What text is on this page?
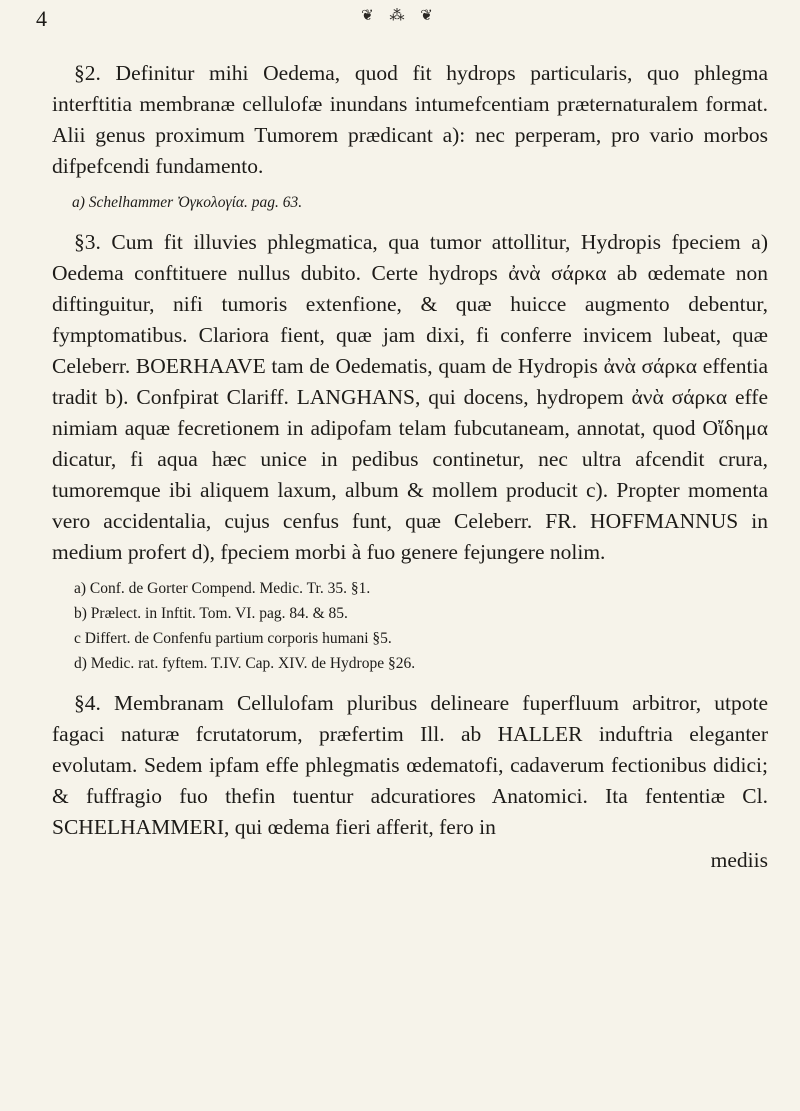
4	❦ ⁂ ❦

§2. Definitur mihi Oedema, quod fit hydrops particularis, quo phlegma interftitia membranæ cellulofæ inundans intumefcentiam præternaturalem format. Alii genus proximum Tumorem prædicant a): nec perperam, pro vario morbos difpefcendi fundamento.

a) Schelhammer Ὀγκολογία. pag. 63.

§3. Cum fit illuvies phlegmatica, qua tumor attollitur, Hydropis fpeciem a) Oedema conftituere nullus dubito. Certe hydrops ἀνὰ σάρκα ab œdemate non diftinguitur, nifi tumoris extenfione, & quæ huicce augmento debentur, fymptomatibus. Clariora fient, quæ jam dixi, fi conferre invicem lubeat, quæ Celeberr. BOERHAAVE tam de Oedematis, quam de Hydropis ἀνὰ σάρκα effentia tradit b). Confpirat Clariff. LANGHANS, qui docens, hydropem ἀνὰ σάρκα effe nimiam aquæ fecretionem in adipofam telam fubcutaneam, annotat, quod Οἴδημα dicatur, fi aqua hæc unice in pedibus continetur, nec ultra afcendit crura, tumoremque ibi aliquem laxum, album & mollem producit c). Propter momenta vero accidentalia, cujus cenfus funt, quæ Celeberr. FR. HOFFMANNUS in medium profert d), fpeciem morbi à fuo genere fejungere nolim.

a) Conf. de Gorter Compend. Medic. Tr. 35. §1.

b) Prælect. in Inftit. Tom. VI. pag. 84. & 85.

c Differt. de Confenfu partium corporis humani §5.

d) Medic. rat. fyftem. T.IV. Cap. XIV. de Hydrope §26.

§4. Membranam Cellulofam pluribus delineare fuperfluum arbitror, utpote fagaci naturæ fcrutatorum, præfertim Ill. ab HALLER induftria eleganter evolutam. Sedem ipfam effe phlegmatis œdematofi, cadaverum fectionibus didici; & fuffragio fuo thefin tuentur adcuratiores Anatomici. Ita fententiæ Cl. SCHELHAMMERI, qui œdema fieri afferit, fero in

mediis
